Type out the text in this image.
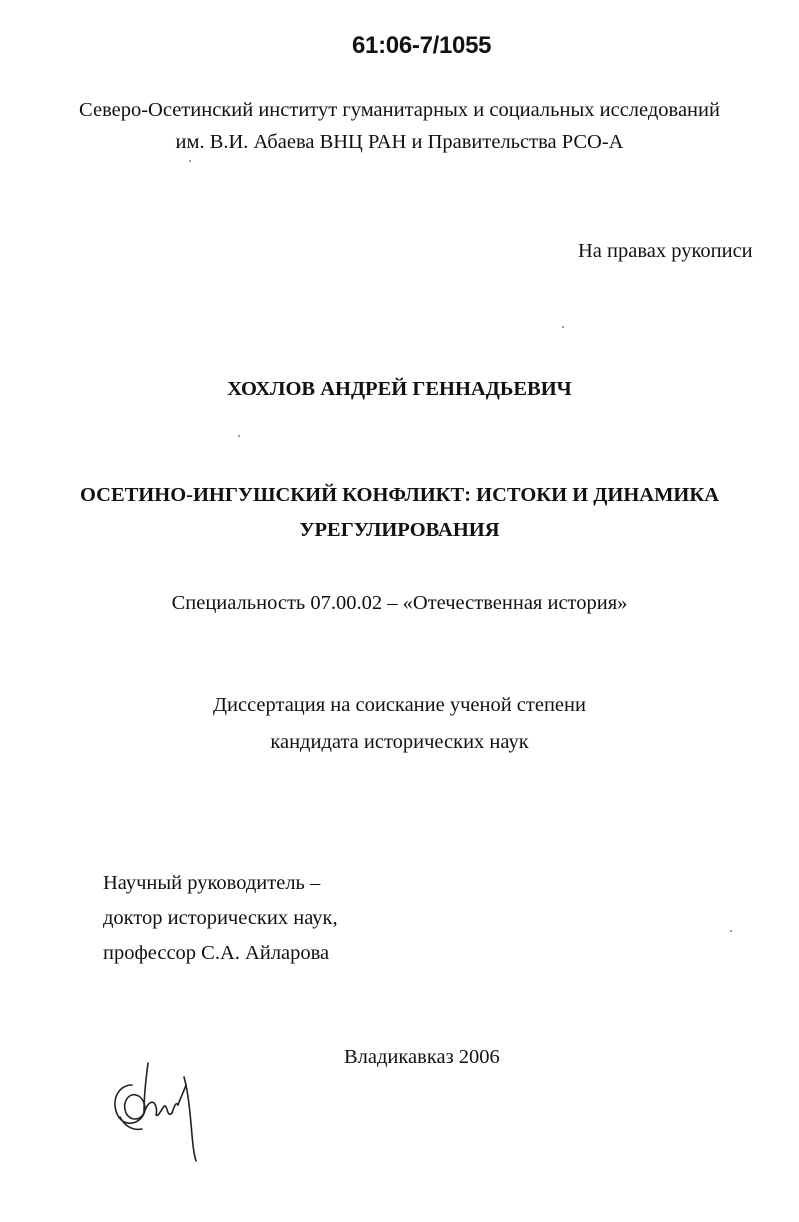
61:06-7/1055
Северо-Осетинский институт гуманитарных и социальных исследований
им. В.И. Абаева ВНЦ РАН и Правительства РСО-А
На правах рукописи
ХОХЛОВ АНДРЕЙ ГЕННАДЬЕВИЧ
ОСЕТИНО-ИНГУШСКИЙ КОНФЛИКТ: ИСТОКИ И ДИНАМИКА
УРЕГУЛИРОВАНИЯ
Специальность 07.00.02 – «Отечественная история»
Диссертация на соискание ученой степени
кандидата исторических наук
Научный руководитель –
доктор исторических наук,
профессор С.А. Айларова
Владикавказ 2006
